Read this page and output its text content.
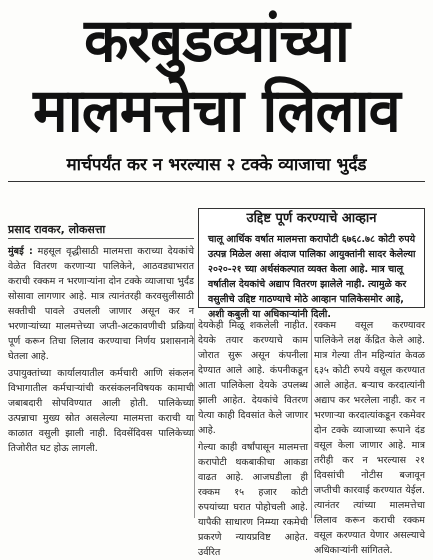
करबुडव्यांच्या
मालमत्तेचा लिलाव
मार्चपर्यंत कर न भरल्यास २ टक्के व्याजाचा भुर्दंड
प्रसाद रावकर, लोकसत्ता
उद्दिष्ट पूर्ण करण्याचे आव्हान
चालू आर्थिक वर्षात मालमत्ता करापोटी ६७६८.७८ कोटी रुपये उत्पन्न मिळेल असा अंदाज पालिका आयुक्तांनी सादर केलेल्या २०२०-२१ च्या अर्थसंकल्पात व्यक्त केला आहे. मात्र चालू वर्षातील देयकांचे अद्याप वितरण झालेले नाही. त्यामुळे कर वसुलीचे उद्दिष्ट गाठण्याचे मोठे आव्हान पालिकेसमोर आहे, अशी कबुली या अधिकाऱ्यांनी दिली.

मुंबई : महसूल वृद्धीसाठी मालमत्ता कराच्या देयकांचे वेळेत वितरण करणाऱ्या पालिकेने, आठवड्याभरात कराची रक्कम न भरणाऱ्यांना दोन टक्के व्याजाचा भुर्दंड सोसावा लागणार आहे. मात्र त्यानंतरही करवसुलीसाठी सक्तीची पावले उचलली जाणार असून कर न भरणाऱ्यांच्या मालमत्तेच्या जप्ती-अटकावणीची प्रक्रिया पूर्ण करून तिचा लिलाव करण्याचा निर्णय प्रशासनाने घेतला आहे.

उपायुक्तांच्या कार्यालयातील कर्मचारी आणि संकलन विभागातील कर्मचाऱ्यांची करसंकलनविषयक कामाची जबाबदारी सोपविण्यात आली होती. पालिकेच्या उत्पन्नाचा मुख्य स्रोत असलेल्या मालमत्ता कराची या काळात वसुली झाली नाही. दिवसेंदिवस पालिकेच्या तिजोरीत घट होऊ लागली.

देयकेही मिळू शकलेली नाहीत. देयके तयार करण्याचे काम जोरात सुरू असून कंपनीला देण्यात आले आहे. कंपनीकडून आता पालिकेला देयके उपलब्ध झाली आहेत. देयकांचे वितरण येत्या काही दिवसांत केले जाणार आहे.

गेल्या काही वर्षांपासून मालमत्ता करापोटी थकबाकीचा आकडा वाढत आहे. आजघडीला ही रक्कम १५ हजार कोटी रुपयांच्या घरात पोहोचली आहे. यापैकी साधारण निम्म्या रकमेची प्रकरणे न्यायप्रविष्ट आहेत. उर्वरित

रक्कम वसूल करण्यावर पालिकेने लक्ष केंद्रित केले आहे. मात्र गेल्या तीन महिन्यांत केवळ ६३५ कोटी रुपये वसूल करण्यात आले आहेत. बऱ्याच करदात्यांनी अद्याप कर भरलेला नाही. कर न भरणाऱ्या करदात्यांकडून रकमेवर दोन टक्के व्याजाच्या रूपाने दंड वसूल केला जाणार आहे. मात्र तरीही कर न भरल्यास २१ दिवसांची नोटीस बजावून जप्तीची कारवाई करण्यात येईल. त्यानंतर त्यांच्या मालमत्तेचा लिलाव करून कराची रक्कम वसूल करण्यात येणार असल्याचे अधिकाऱ्यांनी सांगितले.
